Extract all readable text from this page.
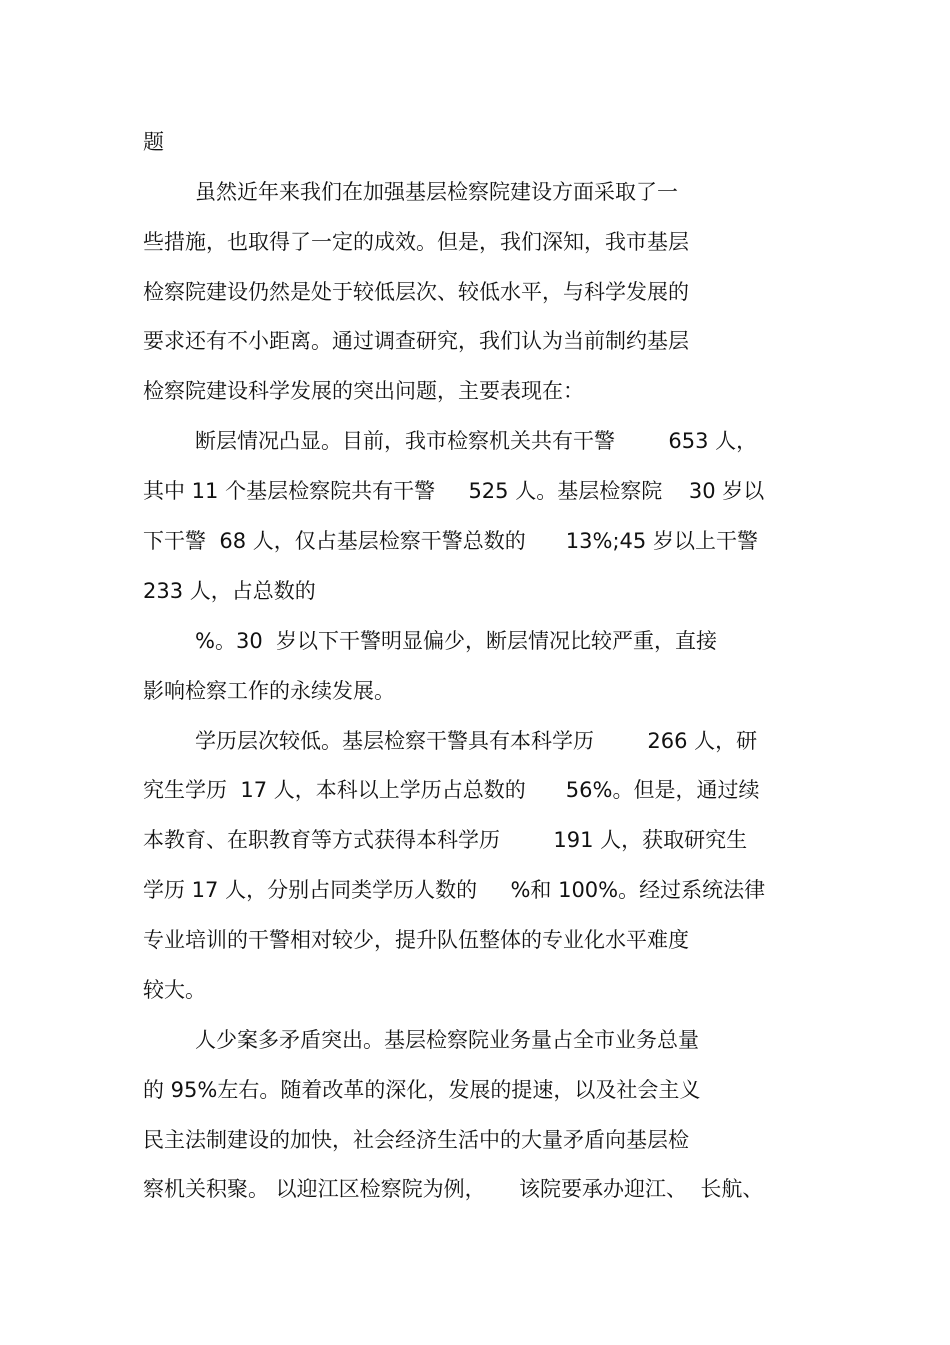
题
虽然近年来我们在加强基层检察院建设方面采取了一
些措施，也取得了一定的成效。但是，我们深知，我市基层
检察院建设仍然是处于较低层次、较低水平，与科学发展的
要求还有不小距离。通过调查研究，我们认为当前制约基层
检察院建设科学发展的突出问题，主要表现在：
断层情况凸显。目前，我市检察机关共有干警        653 人，
其中 11 个基层检察院共有干警     525 人。基层检察院    30 岁以
下干警  68 人，仅占基层检察干警总数的      13%;45 岁以上干警
233 人，占总数的
%。30  岁以下干警明显偏少，断层情况比较严重，直接
影响检察工作的永续发展。
学历层次较低。基层检察干警具有本科学历        266 人，研
究生学历  17 人，本科以上学历占总数的      56%。但是，通过续
本教育、在职教育等方式获得本科学历        191 人，获取研究生
学历 17 人，分别占同类学历人数的     %和 100%。经过系统法律
专业培训的干警相对较少，提升队伍整体的专业化水平难度
较大。
人少案多矛盾突出。基层检察院业务量占全市业务总量
的 95%左右。随着改革的深化，发展的提速，以及社会主义
民主法制建设的加快，社会经济生活中的大量矛盾向基层检
察机关积聚。 以迎江区检察院为例，     该院要承办迎江、  长航、
